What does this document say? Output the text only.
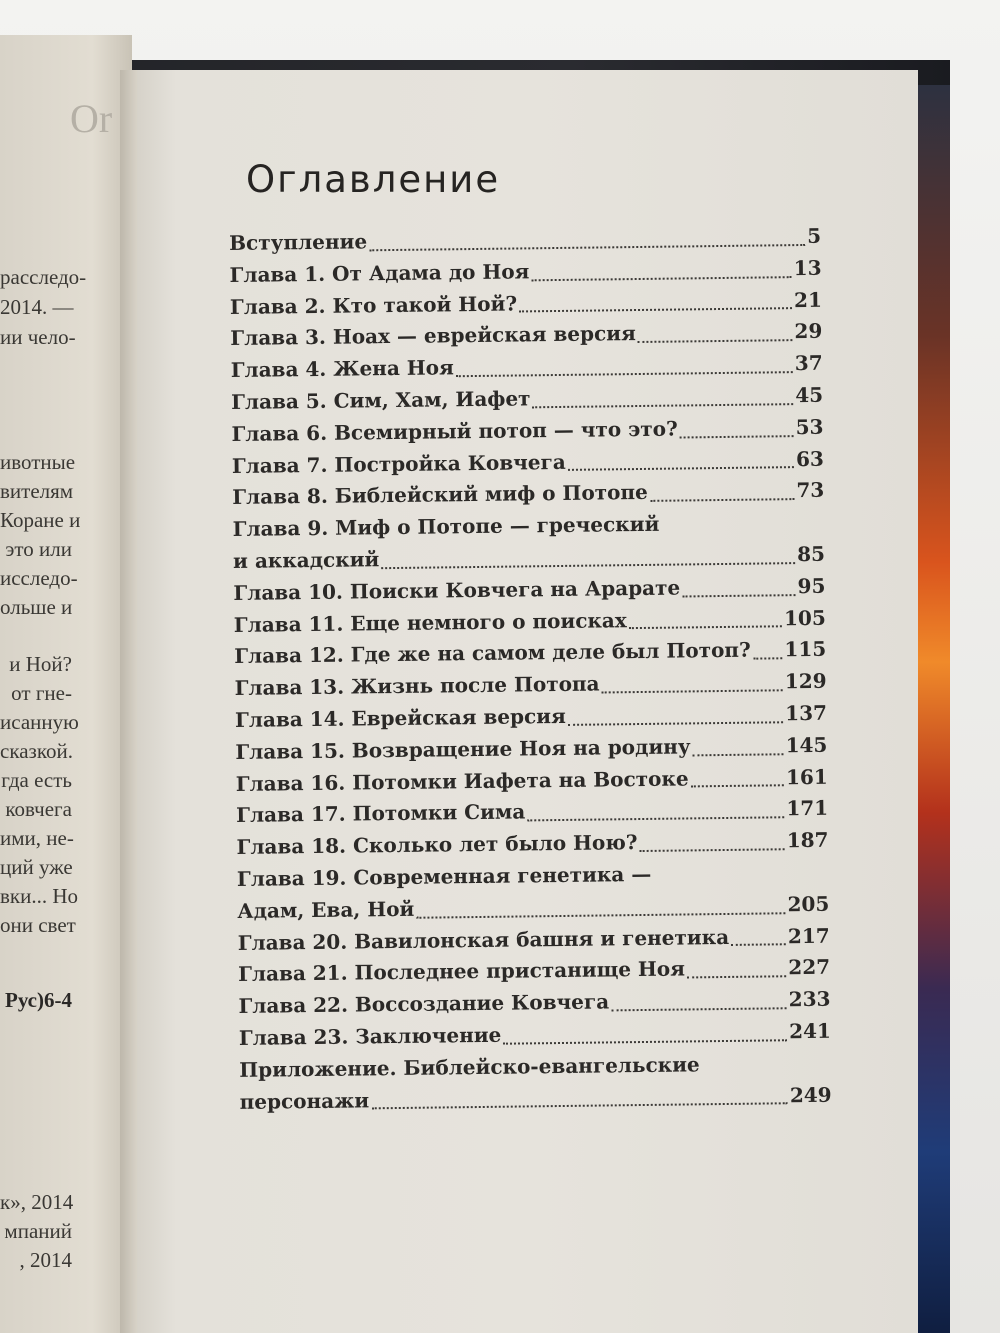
Оr
расследо-
2014. —
ии чело-
ивотные
вителям
Коране и
это или
исследо-
ольше и
и Ной?
от гне-
исанную
сказкой.
гда есть
ковчега
ими, не-
ций уже
вки... Но
они свет
Рус)6-4
к», 2014
мпаний
, 2014

Оглавление
Вступление	5
Глава 1. От Адама до Ноя	13
Глава 2. Кто такой Ной?	21
Глава 3. Ноах — еврейская версия	29
Глава 4. Жена Ноя	37
Глава 5. Сим, Хам, Иафет	45
Глава 6. Всемирный потоп — что это?	53
Глава 7. Постройка Ковчега	63
Глава 8. Библейский миф о Потопе	73
Глава 9. Миф о Потопе — греческий
и аккадский	85
Глава 10. Поиски Ковчега на Арарате	95
Глава 11. Еще немного о поисках	105
Глава 12. Где же на самом деле был Потоп? 115
Глава 13. Жизнь после Потопа	129
Глава 14. Еврейская версия	137
Глава 15. Возвращение Ноя на родину	145
Глава 16. Потомки Иафета на Востоке	161
Глава 17. Потомки Сима	171
Глава 18. Сколько лет было Ною?	187
Глава 19. Современная генетика —
Адам, Ева, Ной	205
Глава 20. Вавилонская башня и генетика	217
Глава 21. Последнее пристанище Ноя	227
Глава 22. Воссоздание Ковчега	233
Глава 23. Заключение	241
Приложение. Библейско-евангельские
персонажи	249
